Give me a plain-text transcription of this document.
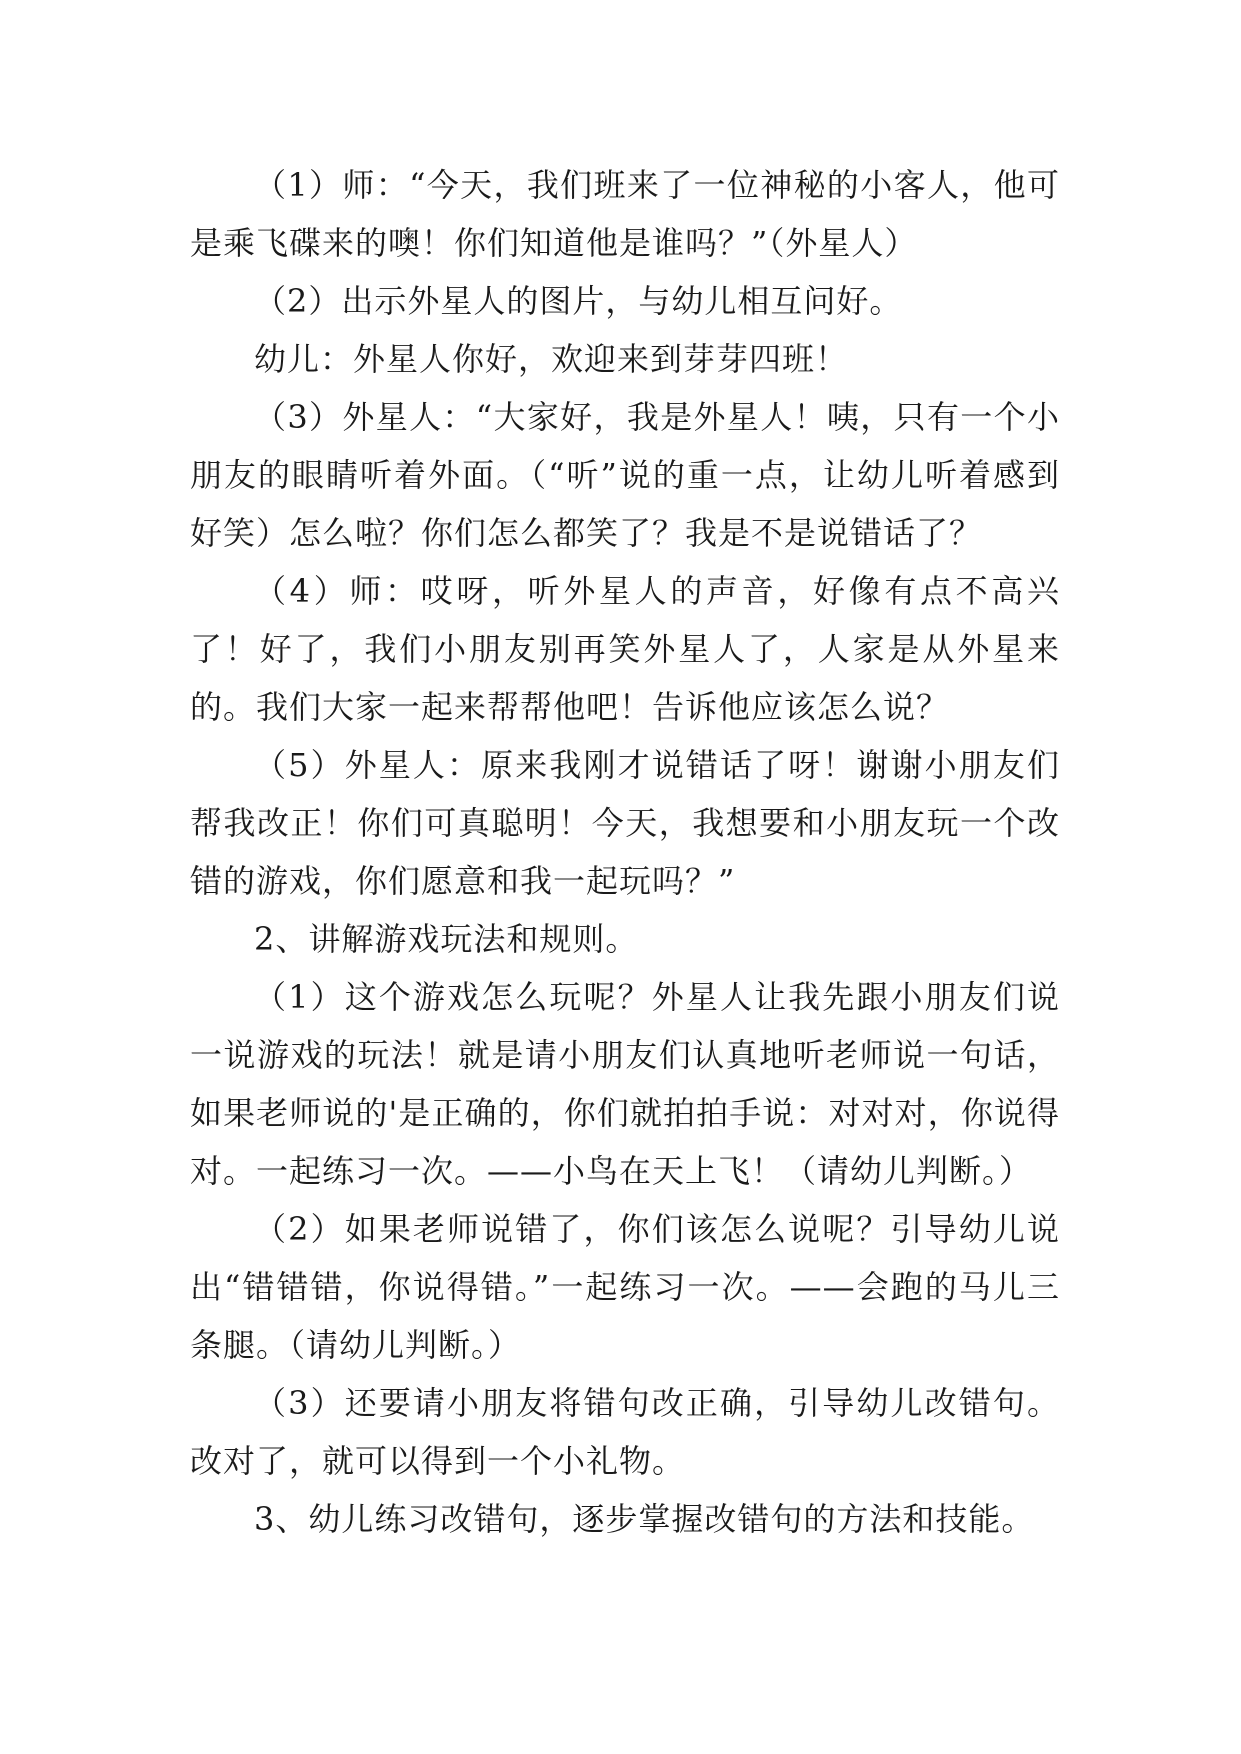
（1）师：“今天，我们班来了一位神秘的小客人，他可是乘飞碟来的噢！你们知道他是谁吗？”（外星人）

（2）出示外星人的图片，与幼儿相互问好。

幼儿：外星人你好，欢迎来到芽芽四班！

（3）外星人：“大家好，我是外星人！咦，只有一个小朋友的眼睛听着外面。（“听”说的重一点，让幼儿听着感到好笑）怎么啦？你们怎么都笑了？我是不是说错话了？

（4）师：哎呀，听外星人的声音，好像有点不高兴了！好了，我们小朋友别再笑外星人了，人家是从外星来的。我们大家一起来帮帮他吧！告诉他应该怎么说？

（5）外星人：原来我刚才说错话了呀！谢谢小朋友们帮我改正！你们可真聪明！今天，我想要和小朋友玩一个改错的游戏，你们愿意和我一起玩吗？”

2、讲解游戏玩法和规则。

（1）这个游戏怎么玩呢？外星人让我先跟小朋友们说一说游戏的玩法！就是请小朋友们认真地听老师说一句话，如果老师说的'是正确的，你们就拍拍手说：对对对，你说得对。一起练习一次。——小鸟在天上飞！（请幼儿判断。）

（2）如果老师说错了，你们该怎么说呢？引导幼儿说出“错错错，你说得错。”一起练习一次。——会跑的马儿三条腿。（请幼儿判断。）

（3）还要请小朋友将错句改正确，引导幼儿改错句。改对了，就可以得到一个小礼物。

3、幼儿练习改错句，逐步掌握改错句的方法和技能。
